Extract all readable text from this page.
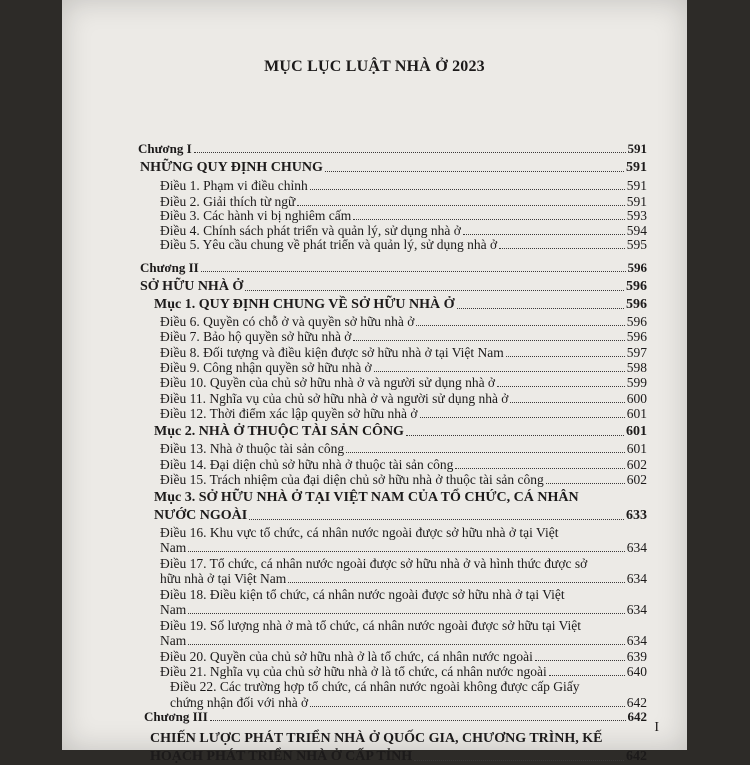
MỤC LỤC LUẬT NHÀ Ở 2023
Chương I	591
NHỮNG QUY ĐỊNH CHUNG	591
Điều 1. Phạm vi điều chỉnh	591
Điều 2. Giải thích từ ngữ	591
Điều 3. Các hành vi bị nghiêm cấm	593
Điều 4. Chính sách phát triển và quản lý, sử dụng nhà ở	594
Điều 5. Yêu cầu chung về phát triển và quản lý, sử dụng nhà ở	595
Chương II	596
SỞ HỮU NHÀ Ở	596
Mục 1. QUY ĐỊNH CHUNG VỀ SỞ HỮU NHÀ Ở	596
Điều 6. Quyền có chỗ ở và quyền sở hữu nhà ở	596
Điều 7. Bảo hộ quyền sở hữu nhà ở	596
Điều 8. Đối tượng và điều kiện được sở hữu nhà ở tại Việt Nam	597
Điều 9. Công nhận quyền sở hữu nhà ở	598
Điều 10. Quyền của chủ sở hữu nhà ở và người sử dụng nhà ở	599
Điều 11. Nghĩa vụ của chủ sở hữu nhà ở và người sử dụng nhà ở	600
Điều 12. Thời điểm xác lập quyền sở hữu nhà ở	601
Mục 2. NHÀ Ở THUỘC TÀI SẢN CÔNG	601
Điều 13. Nhà ở thuộc tài sản công	601
Điều 14. Đại diện chủ sở hữu nhà ở thuộc tài sản công	602
Điều 15. Trách nhiệm của đại diện chủ sở hữu nhà ở thuộc tài sản công	602
Mục 3. SỞ HỮU NHÀ Ở TẠI VIỆT NAM CỦA TỔ CHỨC, CÁ NHÂN
NƯỚC NGOÀI	633
Điều 16. Khu vực tổ chức, cá nhân nước ngoài được sở hữu nhà ở tại Việt
Nam	634
Điều 17. Tổ chức, cá nhân nước ngoài được sở hữu nhà ở và hình thức được sở
hữu nhà ở tại Việt Nam	634
Điều 18. Điều kiện tổ chức, cá nhân nước ngoài được sở hữu nhà ở tại Việt
Nam	634
Điều 19. Số lượng nhà ở mà tổ chức, cá nhân nước ngoài được sở hữu tại Việt
Nam	634
Điều 20. Quyền của chủ sở hữu nhà ở là tổ chức, cá nhân nước ngoài	639
Điều 21. Nghĩa vụ của chủ sở hữu nhà ở là tổ chức, cá nhân nước ngoài	640
Điều 22. Các trường hợp tổ chức, cá nhân nước ngoài không được cấp Giấy
chứng nhận đối với nhà ở	642
Chương III	642
CHIẾN LƯỢC PHÁT TRIỂN NHÀ Ở QUỐC GIA, CHƯƠNG TRÌNH, KẾ
HOẠCH PHÁT TRIỂN NHÀ Ở CẤP TỈNH	642
I
